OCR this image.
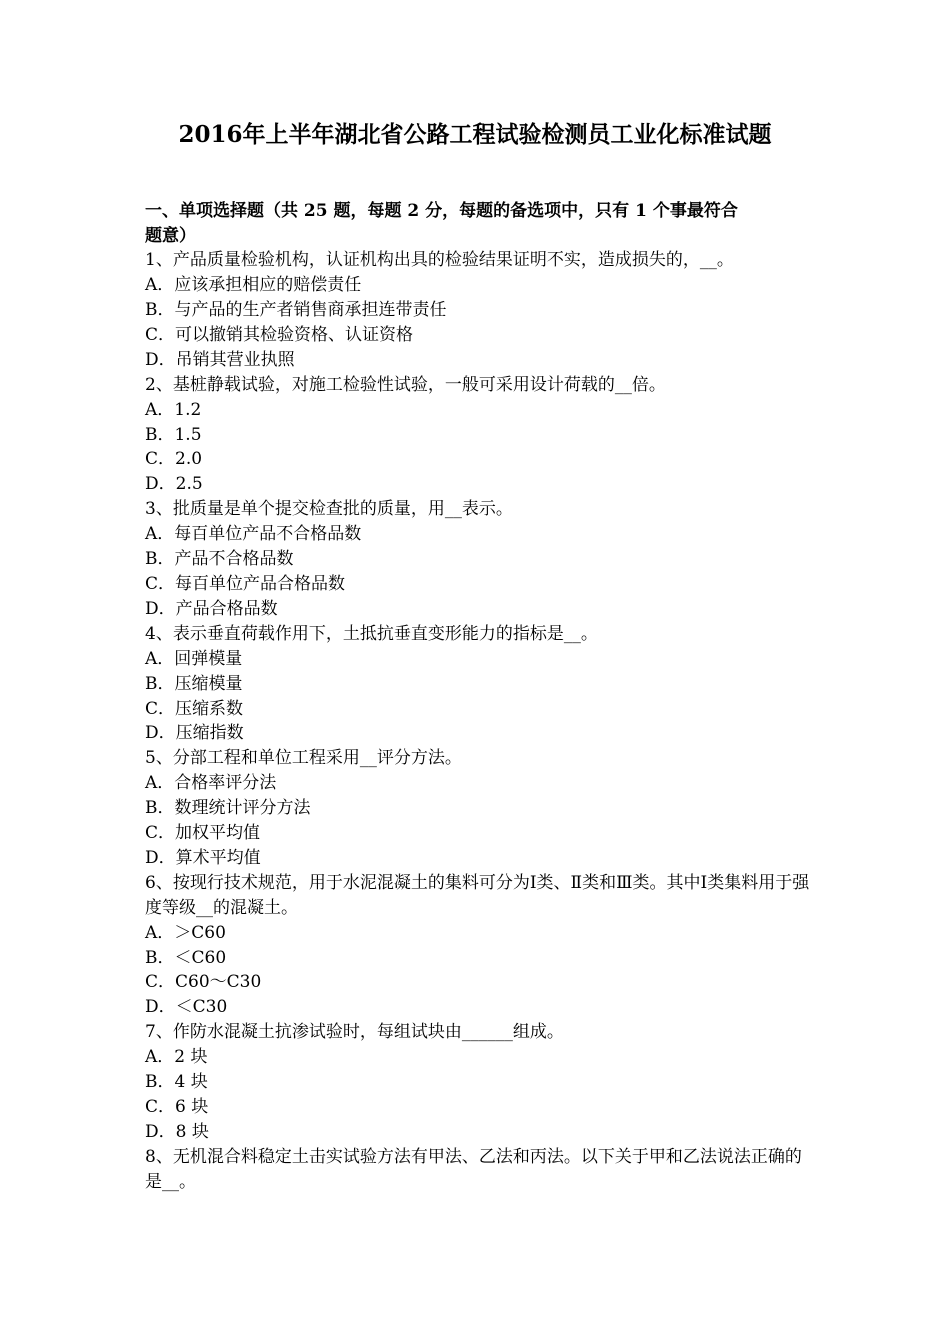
2016年上半年湖北省公路工程试验检测员工业化标准试题
一、单项选择题（共 25 题，每题 2 分，每题的备选项中，只有 1 个事最符合
题意）
1、产品质量检验机构，认证机构出具的检验结果证明不实，造成损失的，__。
A．应该承担相应的赔偿责任
B．与产品的生产者销售商承担连带责任
C．可以撤销其检验资格、认证资格
D．吊销其营业执照
2、基桩静载试验，对施工检验性试验，一般可采用设计荷载的__倍。
A．1.2
B．1.5
C．2.0
D．2.5
3、批质量是单个提交检查批的质量，用__表示。
A．每百单位产品不合格品数
B．产品不合格品数
C．每百单位产品合格品数
D．产品合格品数
4、表示垂直荷载作用下，土抵抗垂直变形能力的指标是__。
A．回弹模量
B．压缩模量
C．压缩系数
D．压缩指数
5、分部工程和单位工程采用__评分方法。
A．合格率评分法
B．数理统计评分方法
C．加权平均值
D．算术平均值
6、按现行技术规范，用于水泥混凝土的集料可分为Ⅰ类、Ⅱ类和Ⅲ类。其中Ⅰ类集料用于强度等级__的混凝土。
A．＞C60
B．＜C60
C．C60～C30
D．＜C30
7、作防水混凝土抗渗试验时，每组试块由______组成。
A．2 块
B．4 块
C．6 块
D．8 块
8、无机混合料稳定土击实试验方法有甲法、乙法和丙法。以下关于甲和乙法说法正确的是__。
